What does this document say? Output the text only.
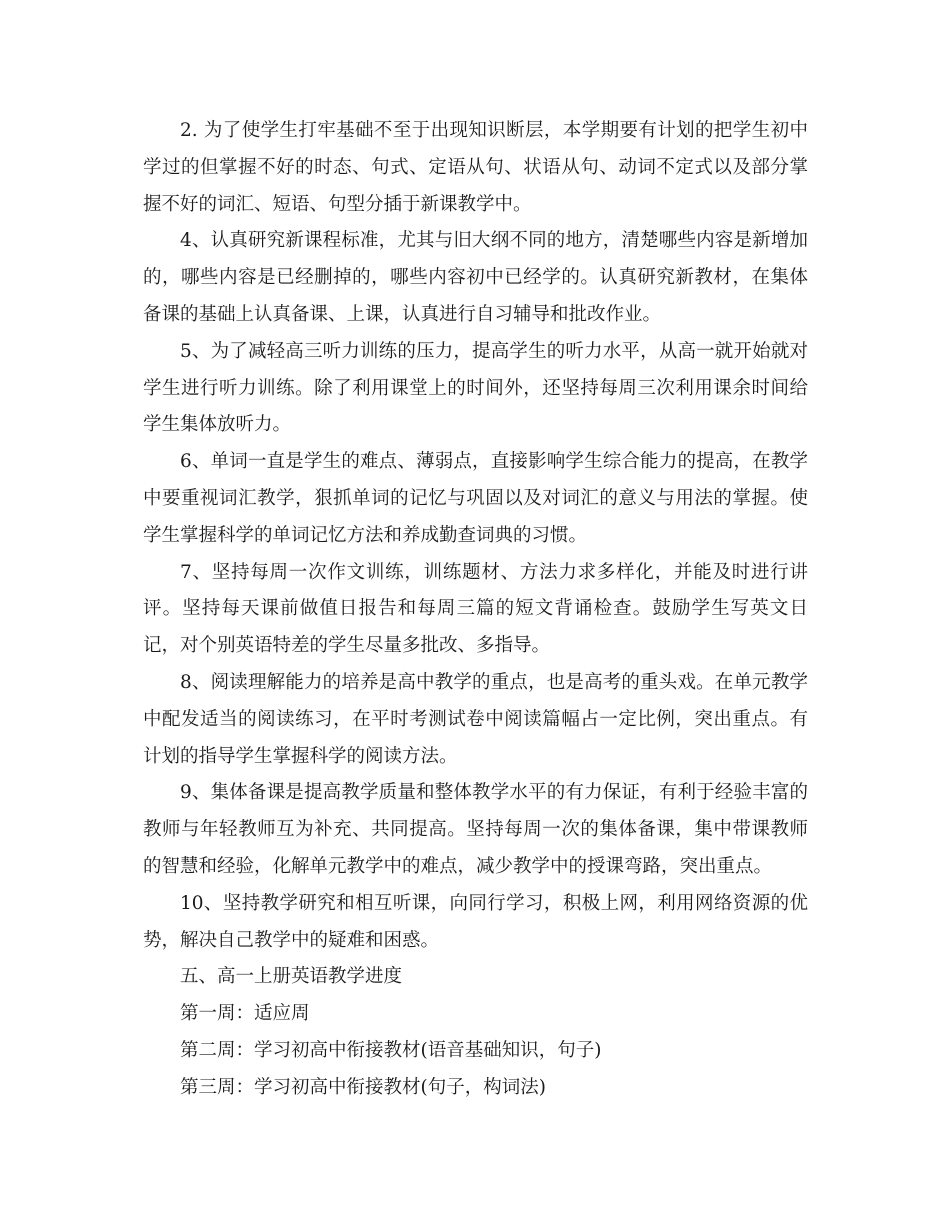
2. 为了使学生打牢基础不至于出现知识断层，本学期要有计划的把学生初中学过的但掌握不好的时态、句式、定语从句、状语从句、动词不定式以及部分掌握不好的词汇、短语、句型分插于新课教学中。

4、认真研究新课程标准，尤其与旧大纲不同的地方，清楚哪些内容是新增加的，哪些内容是已经删掉的，哪些内容初中已经学的。认真研究新教材，在集体备课的基础上认真备课、上课，认真进行自习辅导和批改作业。

5、为了减轻高三听力训练的压力，提高学生的听力水平，从高一就开始就对学生进行听力训练。除了利用课堂上的时间外，还坚持每周三次利用课余时间给学生集体放听力。

6、单词一直是学生的难点、薄弱点，直接影响学生综合能力的提高，在教学中要重视词汇教学，狠抓单词的记忆与巩固以及对词汇的意义与用法的掌握。使学生掌握科学的单词记忆方法和养成勤查词典的习惯。

7、坚持每周一次作文训练，训练题材、方法力求多样化，并能及时进行讲评。坚持每天课前做值日报告和每周三篇的短文背诵检查。鼓励学生写英文日记，对个别英语特差的学生尽量多批改、多指导。

8、阅读理解能力的培养是高中教学的重点，也是高考的重头戏。在单元教学中配发适当的阅读练习，在平时考测试卷中阅读篇幅占一定比例，突出重点。有计划的指导学生掌握科学的阅读方法。

9、集体备课是提高教学质量和整体教学水平的有力保证，有利于经验丰富的教师与年轻教师互为补充、共同提高。坚持每周一次的集体备课，集中带课教师的智慧和经验，化解单元教学中的难点，减少教学中的授课弯路，突出重点。

10、坚持教学研究和相互听课，向同行学习，积极上网，利用网络资源的优势，解决自己教学中的疑难和困惑。

五、高一上册英语教学进度

第一周：适应周

第二周：学习初高中衔接教材(语音基础知识，句子)

第三周：学习初高中衔接教材(句子，构词法)
